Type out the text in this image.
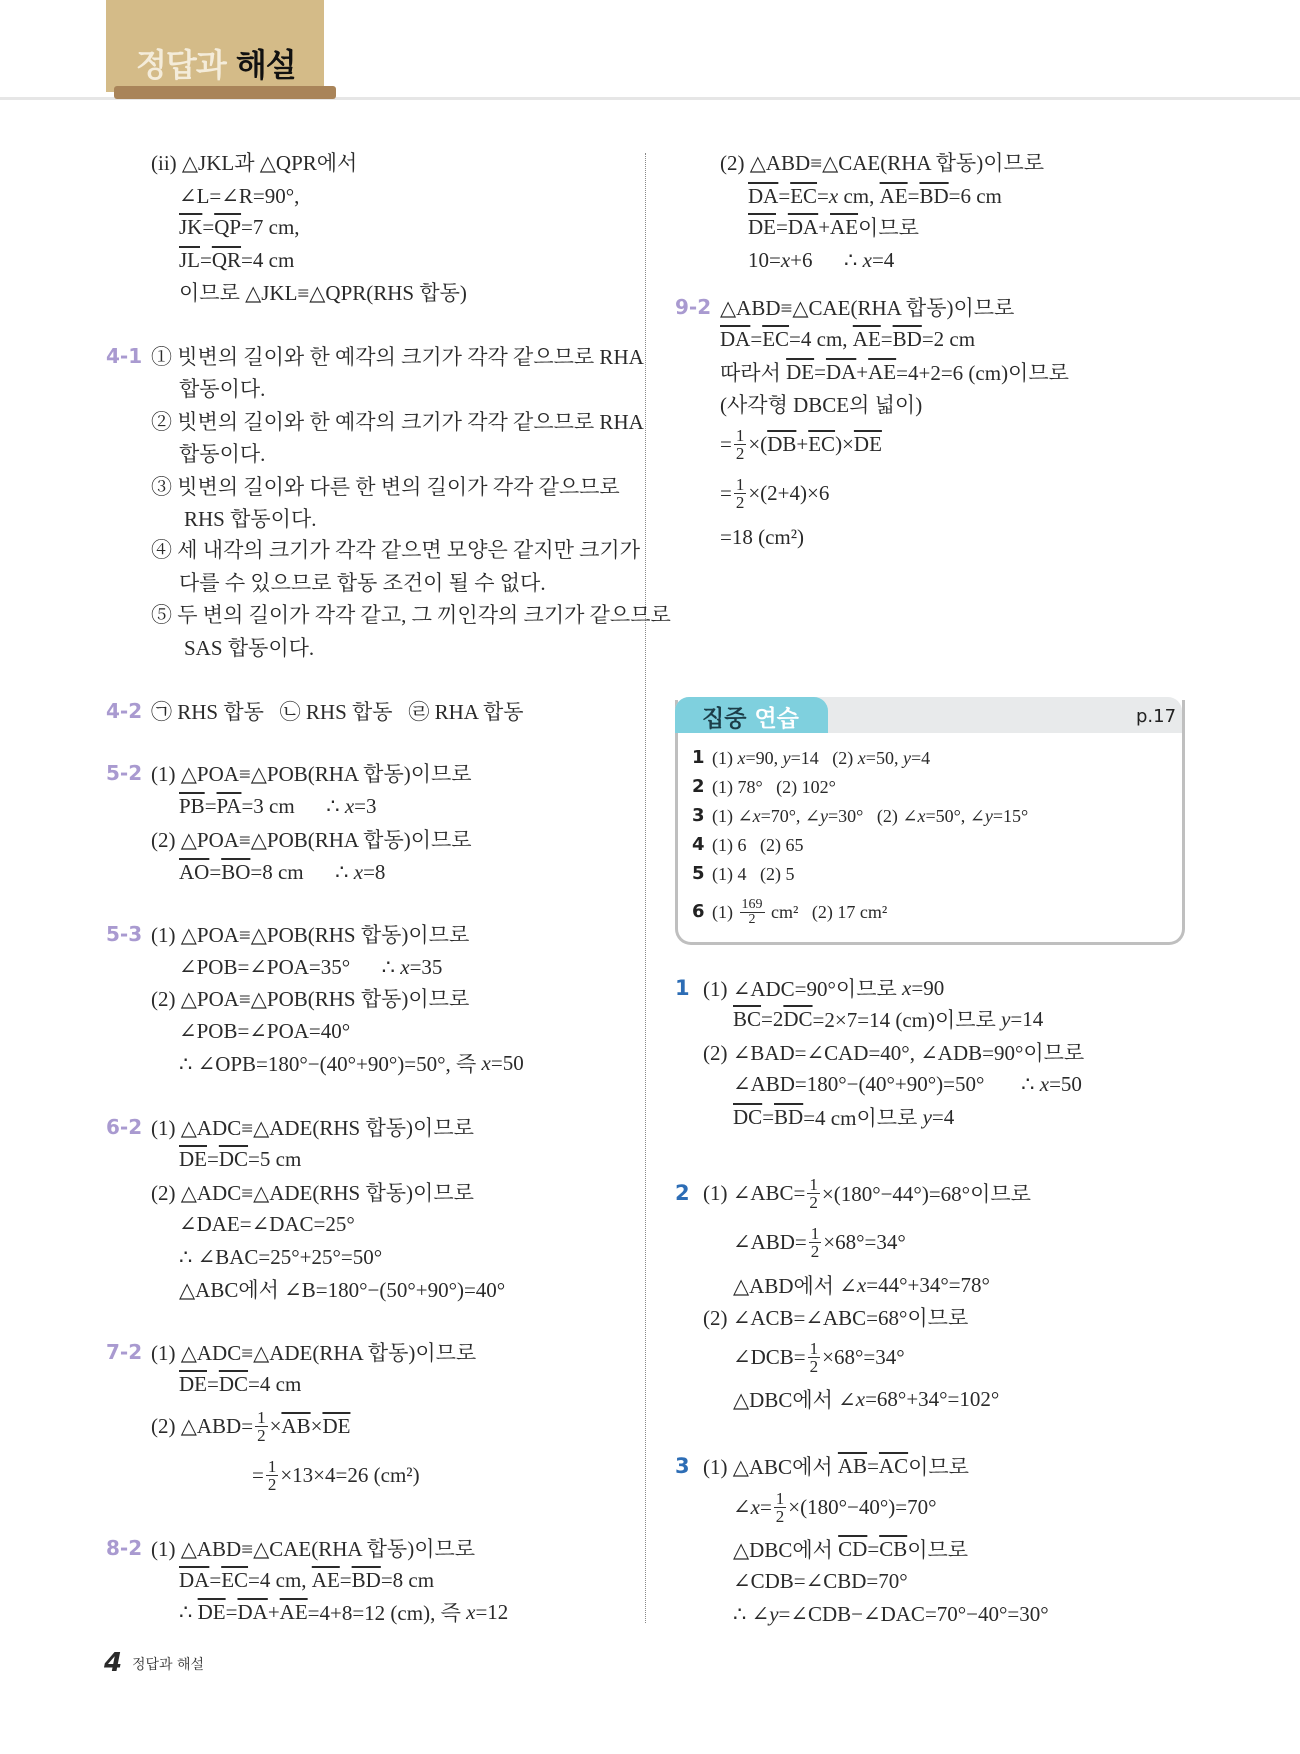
정답과 해설
(ii) △JKL과 △QPR에서
∠L=∠R=90°,
$\overline{JK} = \overline{QP} =7$ cm,
$\overline{JL} = \overline{QR} =4$ cm
이므로 △JKL≡△QPR(RHS 합동)
4-1 ① 빗변의 길이와 한 예각의 크기가 각각 같으므로 RHA
합동이다.
② 빗변의 길이와 한 예각의 크기가 각각 같으므로 RHA
합동이다.
③ 빗변의 길이와 다른 한 변의 길이가 각각 같으므로
RHS 합동이다.
④ 세 내각의 크기가 각각 같으면 모양은 같지만 크기가
다를 수 있으므로 합동 조건이 될 수 없다.
⑤ 두 변의 길이가 각각 같고, 그 끼인각의 크기가 같으므로
SAS 합동이다.
4-2 ㉠ RHS 합동   ㉡ RHS 합동   ㉣ RHA 합동
5-2 (1) △POA≡△POB(RHA 합동)이므로
$\overline{PB} = \overline{PA} =3$ cm      ∴ x =3
(2) △POA≡△POB(RHA 합동)이므로
$\overline{AO} = \overline{BO} =8$ cm      ∴ x =8
5-3 (1) △POA≡△POB(RHS 합동)이므로
∠POB=∠POA=35°      ∴ x =35
(2) △POA≡△POB(RHS 합동)이므로
∠POB=∠POA=40°
∴ ∠OPB=180°−(40°+90°)=50°, 즉 x =50
6-2 (1) △ADC≡△ADE(RHS 합동)이므로
$\overline{DE} = \overline{DC} =5$ cm
(2) △ADC≡△ADE(RHS 합동)이므로
∠DAE=∠DAC=25°
∴ ∠BAC=25°+25°=50°
△ABC에서 ∠B=180°−(50°+90°)=40°
7-2 (1) △ADC≡△ADE(RHA 합동)이므로
$\overline{DE} = \overline{DC} =4$ cm
(2) △ABD= $\frac{1}{2} \times \overline{AB} \times \overline{DE}$
= $\frac{1}{2} \times 13\times 4=26$ (cm²)
8-2 (1) △ABD≡△CAE(RHA 합동)이므로
$\overline{DA} = \overline{EC} =4$ cm, $\overline{AE} = \overline{BD} =8$ cm
∴ $\overline{DE} = \overline{DA} + \overline{AE} =4+8=12$ (cm), 즉 x =12
(2) △ABD≡△CAE(RHA 합동)이므로
$\overline{DA} = \overline{EC} = x$ cm, $\overline{AE} = \overline{BD} =6$ cm
$\overline{DE} = \overline{DA} + \overline{AE}$ 이므로
10= x +6      ∴ x =4
9-2 △ABD≡△CAE(RHA 합동)이므로
$\overline{DA} = \overline{EC} =4$ cm, $\overline{AE} = \overline{BD} =2$ cm
따라서 $\overline{DE} = \overline{DA} + \overline{AE} =4+2=6$ (cm)이므로
(사각형 DBCE의 넓이)
= $\frac{1}{2}$ ×( $\overline{DB} + \overline{EC}$ )× $\overline{DE}$
= $\frac{1}{2} \times(2+4)\times 6$
=18 (cm²)
집중 연습	p.17
1 (1) x =90, y =14   (2) x =50, y =4
2 (1) 78°   (2) 102°
3 (1) ∠ x =70°, ∠ y =30°   (2) ∠ x =50°, ∠ y =15°
4 (1) 6   (2) 65
5 (1) 4   (2) 5
6 $(1) \frac{169}{2} cm^2$   (2) 17 cm²
1 (1) ∠ADC=90°이므로 x =90
$\overline{BC} =2$ $\overline{DC} =2\times 7=14$ (cm)이므로 y =14
(2) ∠BAD=∠CAD=40°, ∠ADB=90°이므로
∠ABD=180°−(40°+90°)=50°       ∴ x =50
$\overline{DC} = \overline{BD} =4$ cm이므로 y =4
2 (1) ∠ABC= $\frac{1}{2} \times(180^\circ-44^\circ)=68^\circ$이므로
∠ABD= $\frac{1}{2} \times 68^\circ=34^\circ$
△ABD에서 ∠ x =44°+34°=78°
(2) ∠ACB=∠ABC=68°이므로
∠DCB= $\frac{1}{2} \times 68^\circ=34^\circ$
△DBC에서 ∠ x =68°+34°=102°
3 (1) △ABC에서 $\overline{AB} = \overline{AC}$ 이므로
∠ $x = \frac{1}{2} \times(180^\circ-40^\circ)=70^\circ$
△DBC에서 $\overline{CD} = \overline{CB}$ 이므로
∠CDB=∠CBD=70°
∴ ∠ y =∠CDB−∠DAC=70°−40°=30°
4 정답과 해설
